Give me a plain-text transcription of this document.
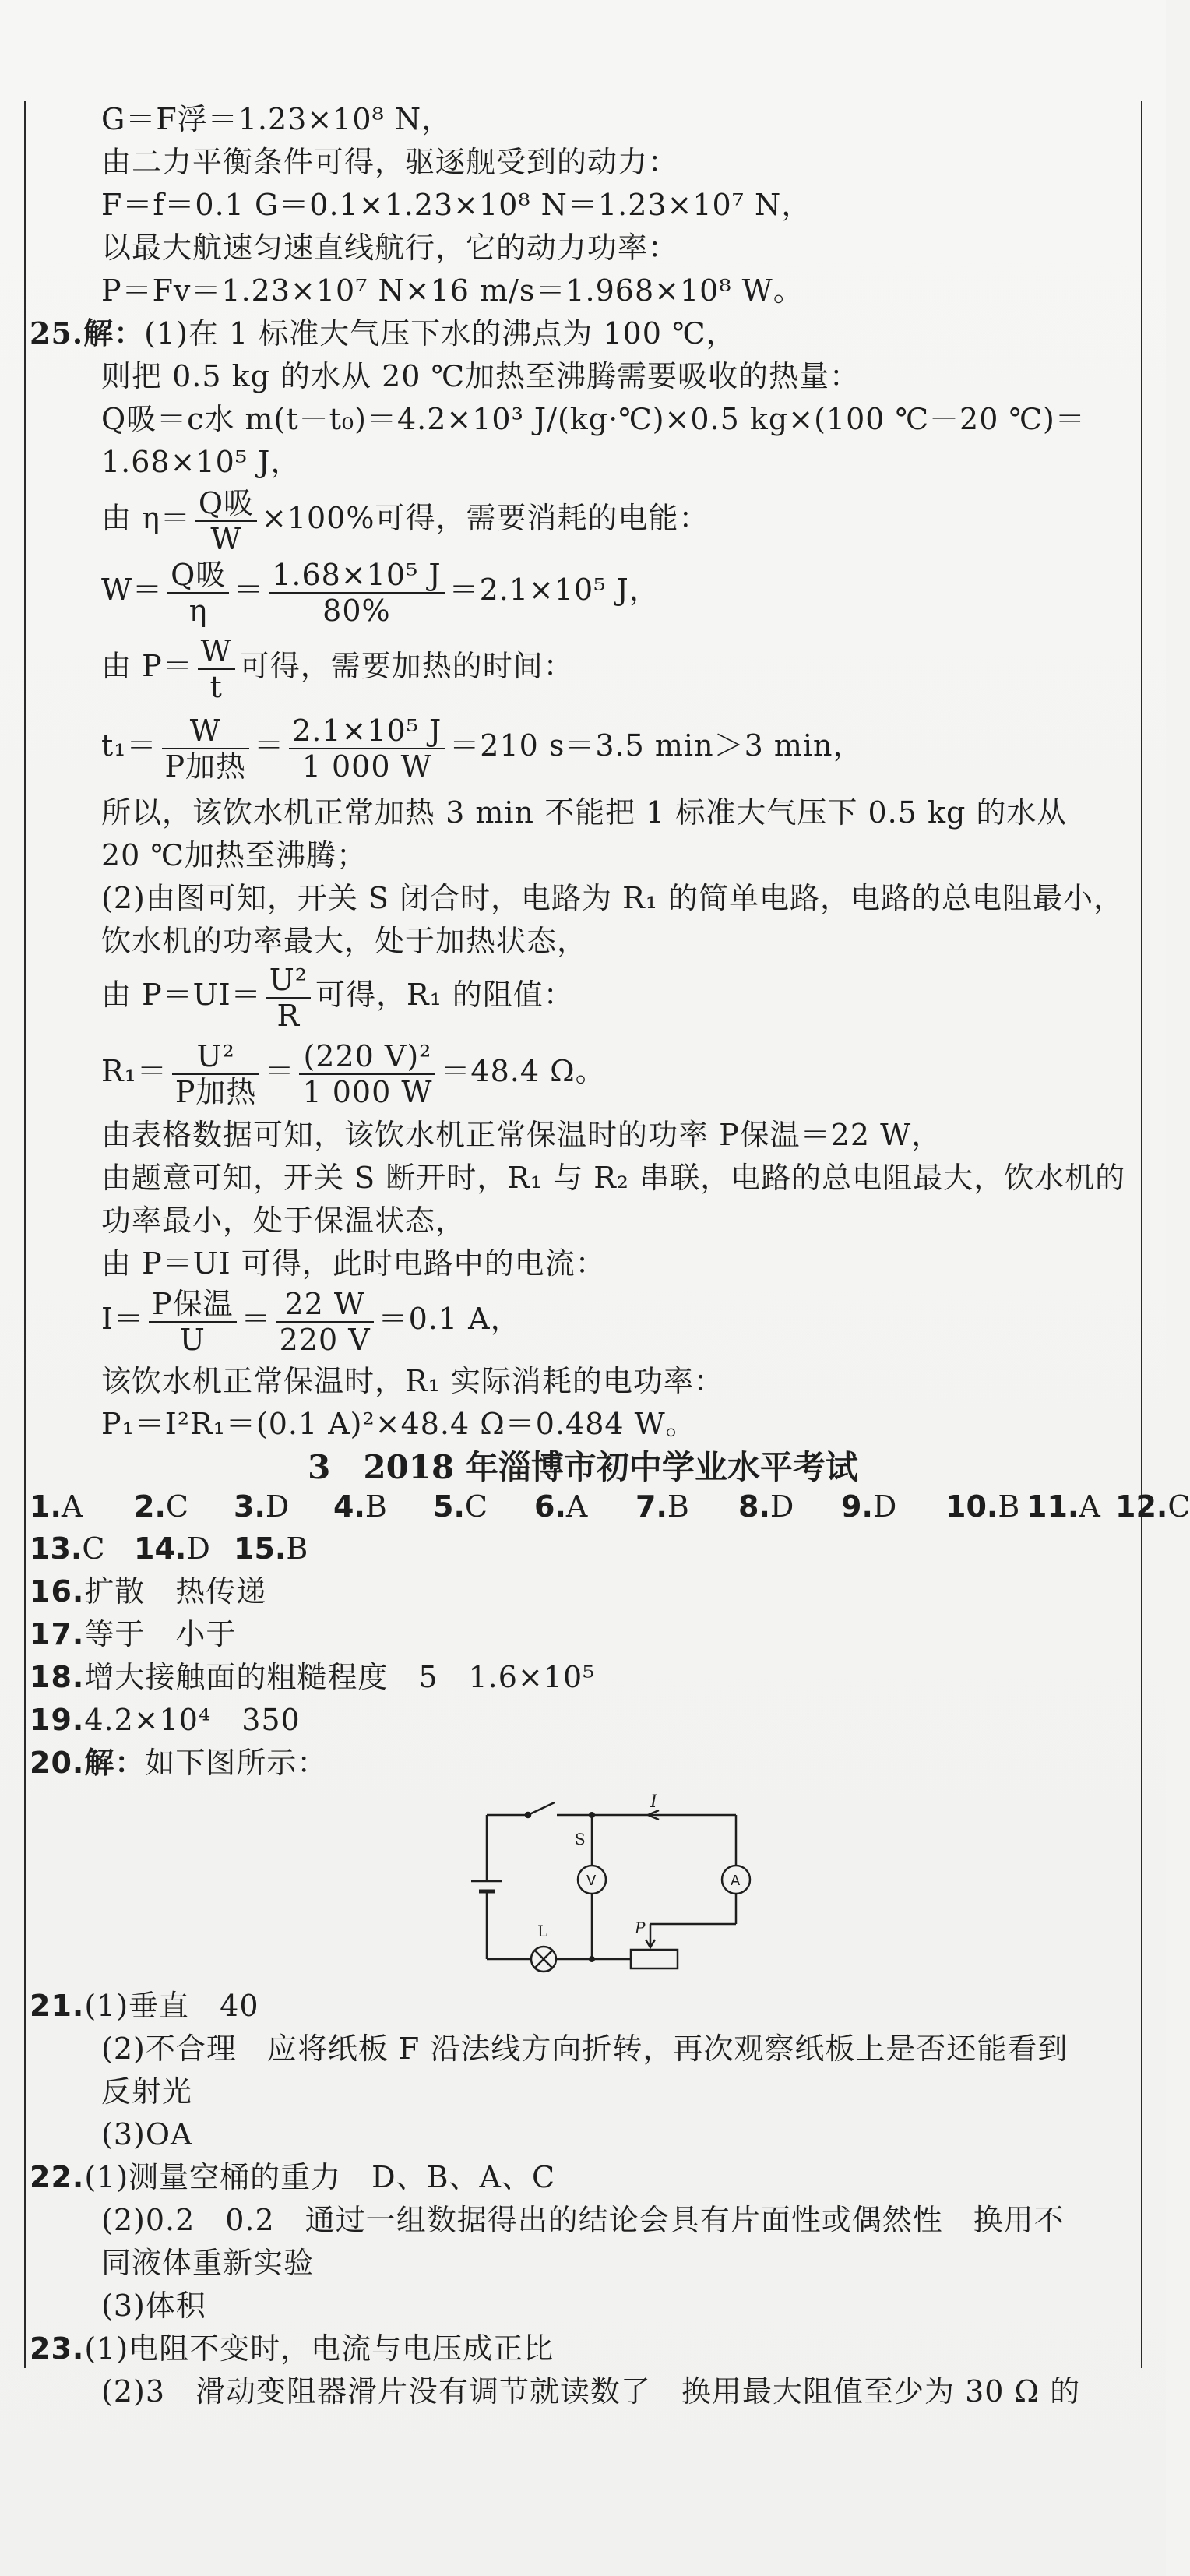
G＝F浮＝1.23×10⁸ N，
由二力平衡条件可得，驱逐舰受到的动力：
F＝f＝0.1 G＝0.1×1.23×10⁸ N＝1.23×10⁷ N，
以最大航速匀速直线航行，它的动力功率：
P＝Fv＝1.23×10⁷ N×16 m/s＝1.968×10⁸ W。
25.解：(1)在 1 标准大气压下水的沸点为 100 ℃，
则把 0.5 kg 的水从 20 ℃加热至沸腾需要吸收的热量：
Q吸＝c水 m(t－t₀)＝4.2×10³ J/(kg·℃)×0.5 kg×(100 ℃－20 ℃)＝
1.68×10⁵ J，
由 $\eta= \frac{\text{Q吸}}{W} \times 100\%$可得，需要消耗的电能：
$W= \frac{\text{Q吸}}{\eta} = \frac{\text{1.68×10⁵ J}}{80\%} =2.1\times 10^5$ J，
由 $P= \frac{W}{t}$ 可得，需要加热的时间：
$t_1= \frac{W}{\text{P加热}} = \frac{\text{2.1×10⁵ J}}{1 000 W} =210$ s＝3.5 min＞3 min，
所以，该饮水机正常加热 3 min 不能把 1 标准大气压下 0.5 kg 的水从
20 ℃加热至沸腾；
(2)由图可知，开关 S 闭合时，电路为 R₁ 的简单电路，电路的总电阻最小，
饮水机的功率最大，处于加热状态，
由 $P=UI= \frac{\text{U²}}{R}$ 可得，R₁ 的阻值：
$R_1= \frac{\text{U²}}{\text{P加热}} = \frac{\text{(220 V)²}}{1 000 W} =48.4$ Ω。
由表格数据可知，该饮水机正常保温时的功率 P保温＝22 W，
由题意可知，开关 S 断开时，R₁ 与 R₂ 串联，电路的总电阻最大，饮水机的
功率最小，处于保温状态，
由 P＝UI 可得，此时电路中的电流：
$I= \frac{\text{P保温}}{U} = \frac{22 W}{220 V} =0.1$ A，
该饮水机正常保温时，R₁ 实际消耗的电功率：
P₁＝I²R₁＝(0.1 A)²×48.4 Ω＝0.484 W。
3　2018 年淄博市初中学业水平考试
1.A 2.C 3.D 4.B 5.C 6.A 7.B 8.D 9.D 10.B 11.A 12.C
13.C 14.D 15.B
16.扩散　热传递
17.等于　小于
18.增大接触面的粗糙程度　5　1.6×10⁵
19.4.2×10⁴　350
20.解：如下图所示：
S
I
V	A
L	P
21.(1)垂直　40
(2)不合理　应将纸板 F 沿法线方向折转，再次观察纸板上是否还能看到
反射光
(3)OA
22.(1)测量空桶的重力　D、B、A、C
(2)0.2　0.2　通过一组数据得出的结论会具有片面性或偶然性　换用不
同液体重新实验
(3)体积
23.(1)电阻不变时，电流与电压成正比
(2)3　滑动变阻器滑片没有调节就读数了　换用最大阻值至少为 30 Ω 的
